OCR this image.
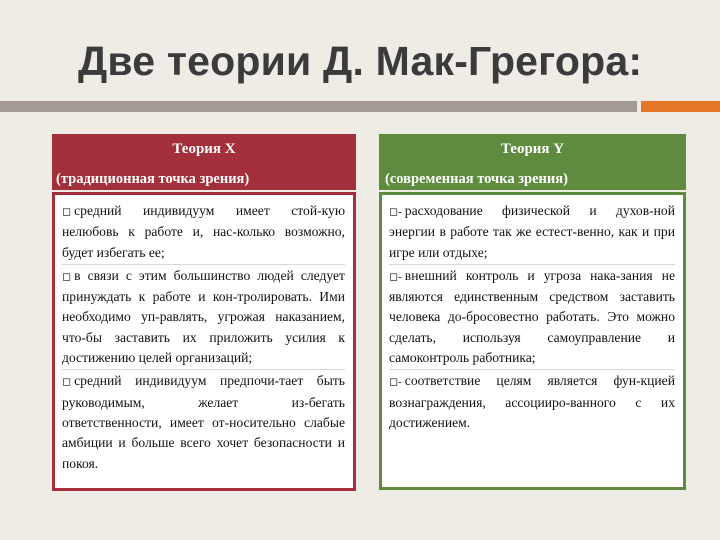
Две теории Д. Мак-Грегора:
Теория Х
(традиционная точка зрения)
◻ средний индивидуум имеет стой-кую нелюбовь к работе и, нас-колько возможно, будет избегать ее;
◻ в связи с этим большинство людей следует принуждать к работе и кон-тролировать. Ими необходимо уп-равлять, угрожая наказанием, что-бы заставить их приложить усилия к достижению целей организаций;
◻ средний индивидуум предпочи-тает быть руководимым, желает из-бегать ответственности, имеет от-носительно слабые амбиции и больше всего хочет безопасности и покоя.
Теория Y
(современная точка зрения)
◻- расходование физической и духов-ной энергии в работе так же естест-венно, как и при игре или отдыхе;
◻- внешний контроль и угроза нака-зания не являются единственным средством заставить человека до-бросовестно работать. Это можно сделать, используя самоуправление и самоконтроль работника;
◻- соответствие целям является фун-кцией вознаграждения, ассоцииро-ванного с их достижением.
